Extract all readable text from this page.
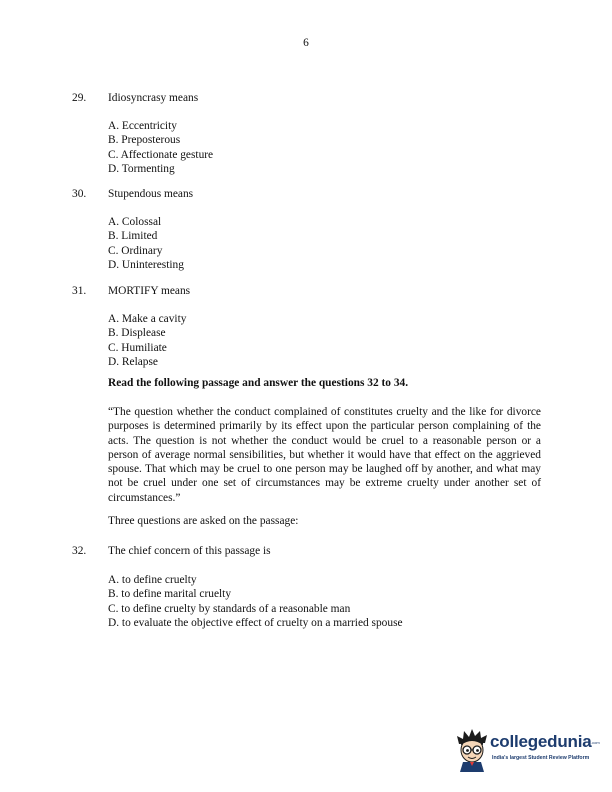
6
29. Idiosyncrasy means
A. Eccentricity
B. Preposterous
C. Affectionate gesture
D. Tormenting
30. Stupendous means
A. Colossal
B. Limited
C. Ordinary
D. Uninteresting
31. MORTIFY means
A. Make a cavity
B. Displease
C. Humiliate
D. Relapse
Read the following passage and answer the questions 32 to 34.
“The question whether the conduct complained of constitutes cruelty and the like for divorce purposes is determined primarily by its effect upon the particular person complaining of the acts. The question is not whether the conduct would be cruel to a reasonable person or a person of average normal sensibilities, but whether it would have that effect on the aggrieved spouse. That which may be cruel to one person may be laughed off by another, and what may not be cruel under one set of circumstances may be extreme cruelty under another set of circumstances.”
Three questions are asked on the passage:
32. The chief concern of this passage is
A. to define cruelty
B. to define marital cruelty
C. to define cruelty by standards of a reasonable man
D. to evaluate the objective effect of cruelty on a married spouse
collegedunia .com
India's largest Student Review Platform
